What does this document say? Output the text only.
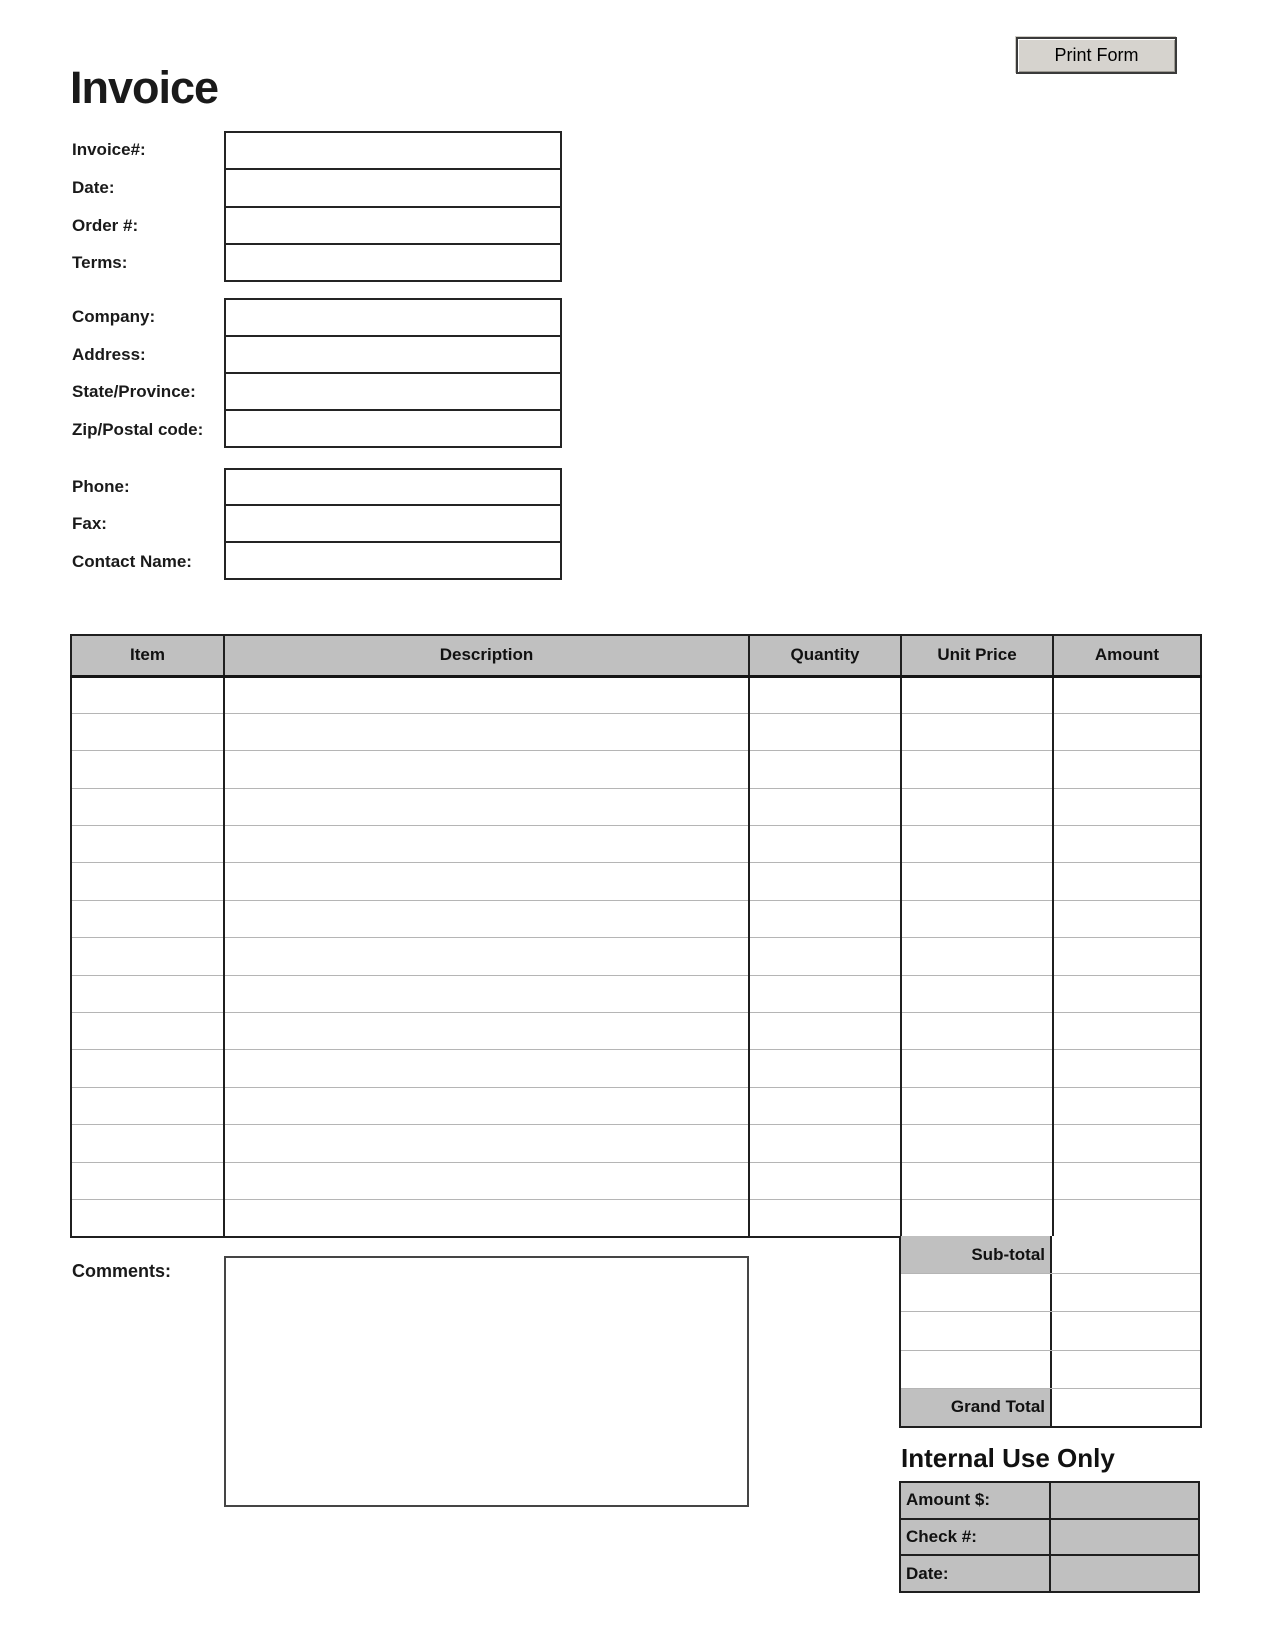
Invoice
Print Form
Invoice#:
Date:
Order #:
Terms:
Company:
Address:
State/Province:
Zip/Postal code:
Phone:
Fax:
Contact Name:
Item	Description	Quantity	Unit Price	Amount

Sub-total
Grand Total
Comments:
Internal Use Only
Amount $:
Check #:
Date:
